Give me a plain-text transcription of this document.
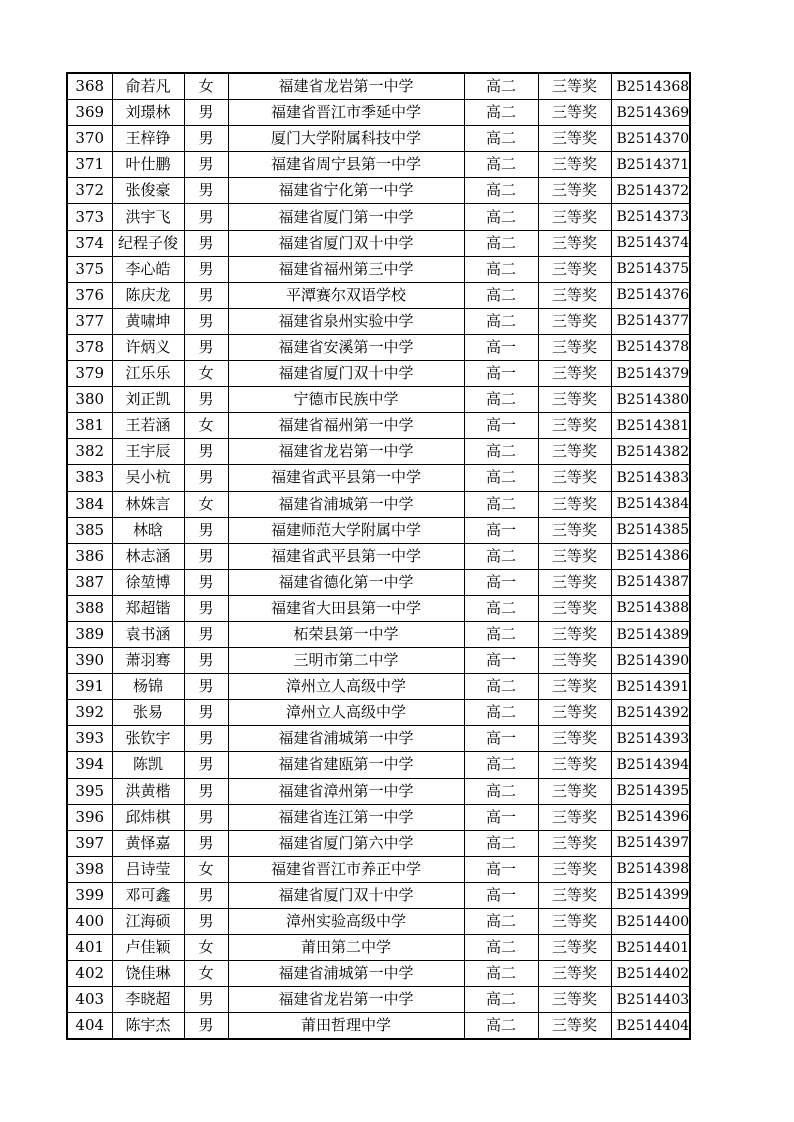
368	俞若凡	女	福建省龙岩第一中学	高二	三等奖	B2514368
369	刘璟林	男	福建省晋江市季延中学	高二	三等奖	B2514369
370	王梓铮	男	厦门大学附属科技中学	高二	三等奖	B2514370
371	叶仕鹏	男	福建省周宁县第一中学	高二	三等奖	B2514371
372	张俊豪	男	福建省宁化第一中学	高二	三等奖	B2514372
373	洪宇飞	男	福建省厦门第一中学	高二	三等奖	B2514373
374	纪程子俊	男	福建省厦门双十中学	高二	三等奖	B2514374
375	李心皓	男	福建省福州第三中学	高二	三等奖	B2514375
376	陈庆龙	男	平潭赛尔双语学校	高二	三等奖	B2514376
377	黄啸坤	男	福建省泉州实验中学	高二	三等奖	B2514377
378	许炳义	男	福建省安溪第一中学	高一	三等奖	B2514378
379	江乐乐	女	福建省厦门双十中学	高一	三等奖	B2514379
380	刘正凯	男	宁德市民族中学	高二	三等奖	B2514380
381	王若涵	女	福建省福州第一中学	高一	三等奖	B2514381
382	王宇辰	男	福建省龙岩第一中学	高二	三等奖	B2514382
383	吴小杭	男	福建省武平县第一中学	高二	三等奖	B2514383
384	林姝言	女	福建省浦城第一中学	高二	三等奖	B2514384
385	林晗	男	福建师范大学附属中学	高一	三等奖	B2514385
386	林志涵	男	福建省武平县第一中学	高二	三等奖	B2514386
387	徐堃博	男	福建省德化第一中学	高一	三等奖	B2514387
388	郑超锴	男	福建省大田县第一中学	高二	三等奖	B2514388
389	袁书涵	男	柘荣县第一中学	高二	三等奖	B2514389
390	萧羽骞	男	三明市第二中学	高一	三等奖	B2514390
391	杨锦	男	漳州立人高级中学	高二	三等奖	B2514391
392	张易	男	漳州立人高级中学	高二	三等奖	B2514392
393	张钦宇	男	福建省浦城第一中学	高一	三等奖	B2514393
394	陈凯	男	福建省建瓯第一中学	高二	三等奖	B2514394
395	洪黄楷	男	福建省漳州第一中学	高二	三等奖	B2514395
396	邱炜棋	男	福建省连江第一中学	高一	三等奖	B2514396
397	黄怿嘉	男	福建省厦门第六中学	高二	三等奖	B2514397
398	吕诗莹	女	福建省晋江市养正中学	高一	三等奖	B2514398
399	邓可鑫	男	福建省厦门双十中学	高一	三等奖	B2514399
400	江海硕	男	漳州实验高级中学	高二	三等奖	B2514400
401	卢佳颖	女	莆田第二中学	高二	三等奖	B2514401
402	饶佳琳	女	福建省浦城第一中学	高二	三等奖	B2514402
403	李晓超	男	福建省龙岩第一中学	高二	三等奖	B2514403
404	陈宇杰	男	莆田哲理中学	高二	三等奖	B2514404
